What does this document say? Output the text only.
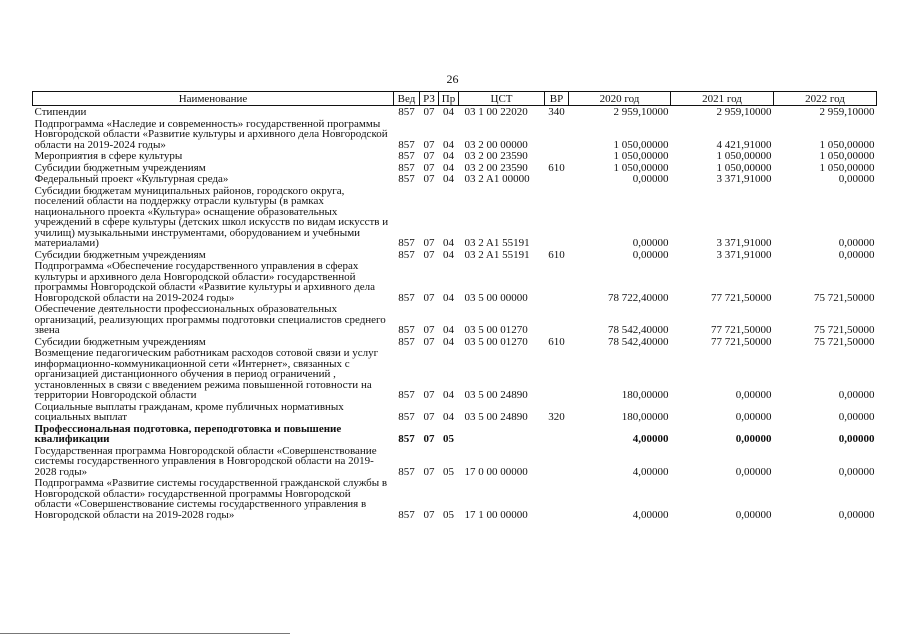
26
Наименование	Вед	РЗ	Пр	ЦСТ	ВР	2020 год	2021 год	2022 год
Стипендии	857	07	04	03 1 00 22020	340	2 959,10000	2 959,10000	2 959,10000
Подпрограмма «Наследие и современность» государственной программы Новгородской области «Развитие культуры и архивного дела Новгородской области на 2019-2024 годы»	857	07	04	03 2 00 00000		1 050,00000	4 421,91000	1 050,00000
Мероприятия в сфере культуры	857	07	04	03 2 00 23590		1 050,00000	1 050,00000	1 050,00000
Субсидии бюджетным учреждениям	857	07	04	03 2 00 23590	610	1 050,00000	1 050,00000	1 050,00000
Федеральный проект «Культурная среда»	857	07	04	03 2 A1 00000		0,00000	3 371,91000	0,00000
Субсидии бюджетам муниципальных районов, городского округа, поселений области на поддержку отрасли культуры (в рамках национального проекта «Культура» оснащение образовательных учреждений в сфере культуры (детских школ искусств по видам искусств и училищ) музыкальными инструментами, оборудованием и учебными материалами)	857	07	04	03 2 A1 55191		0,00000	3 371,91000	0,00000
Субсидии бюджетным учреждениям	857	07	04	03 2 A1 55191	610	0,00000	3 371,91000	0,00000
Подпрограмма «Обеспечение государственного управления в сферах культуры и архивного дела Новгородской области» государственной программы Новгородской области «Развитие культуры и архивного дела Новгородской области на 2019-2024 годы»	857	07	04	03 5 00 00000		78 722,40000	77 721,50000	75 721,50000
Обеспечение деятельности профессиональных образовательных организаций, реализующих программы подготовки специалистов среднего звена	857	07	04	03 5 00 01270		78 542,40000	77 721,50000	75 721,50000
Субсидии бюджетным учреждениям	857	07	04	03 5 00 01270	610	78 542,40000	77 721,50000	75 721,50000
Возмещение педагогическим работникам расходов сотовой связи и услуг информационно-коммуникационной сети «Интернет», связанных с организацией дистанционного обучения в период ограничений , установленных в связи с введением режима повышенной готовности на территории Новгородской области	857	07	04	03 5 00 24890		180,00000	0,00000	0,00000
Социальные выплаты гражданам, кроме публичных нормативных социальных выплат	857	07	04	03 5 00 24890	320	180,00000	0,00000	0,00000
Профессиональная подготовка, переподготовка и повышение квалификации	857	07	05			4,00000	0,00000	0,00000
Государственная программа Новгородской области «Совершенствование системы государственного управления в Новгородской области на 2019-2028 годы»	857	07	05	17 0 00 00000		4,00000	0,00000	0,00000
Подпрограмма «Развитие системы государственной гражданской службы в Новгородской области» государственной программы Новгородской области «Совершенствование системы государственного управления в Новгородской области на 2019-2028 годы»	857	07	05	17 1 00 00000		4,00000	0,00000	0,00000
